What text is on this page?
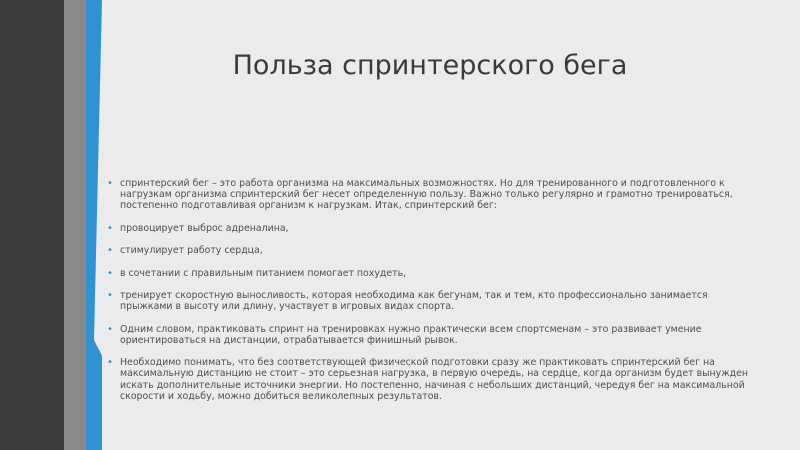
Польза спринтерского бега
• спринтерский бег – это работа организма на максимальных возможностях. Но для тренированного и подготовленного к нагрузкам организма спринтерский бег несет определенную пользу. Важно только регулярно и грамотно тренироваться, постепенно подготавливая организм к нагрузкам. Итак, спринтерский бег:
• провоцирует выброс адреналина,
• стимулирует работу сердца,
• в сочетании с правильным питанием помогает похудеть,
• тренирует скоростную выносливость, которая необходима как бегунам, так и тем, кто профессионально занимается прыжками в высоту или длину, участвует в игровых видах спорта.
• Одним словом, практиковать спринт на тренировках нужно практически всем спортсменам – это развивает умение ориентироваться на дистанции, отрабатывается финишный рывок.
• Необходимо понимать, что без соответствующей физической подготовки сразу же практиковать спринтерский бег на максимальную дистанцию не стоит – это серьезная нагрузка, в первую очередь, на сердце, когда организм будет вынужден искать дополнительные источники энергии. Но постепенно, начиная с небольших дистанций, чередуя бег на максимальной скорости и ходьбу, можно добиться великолепных результатов.
